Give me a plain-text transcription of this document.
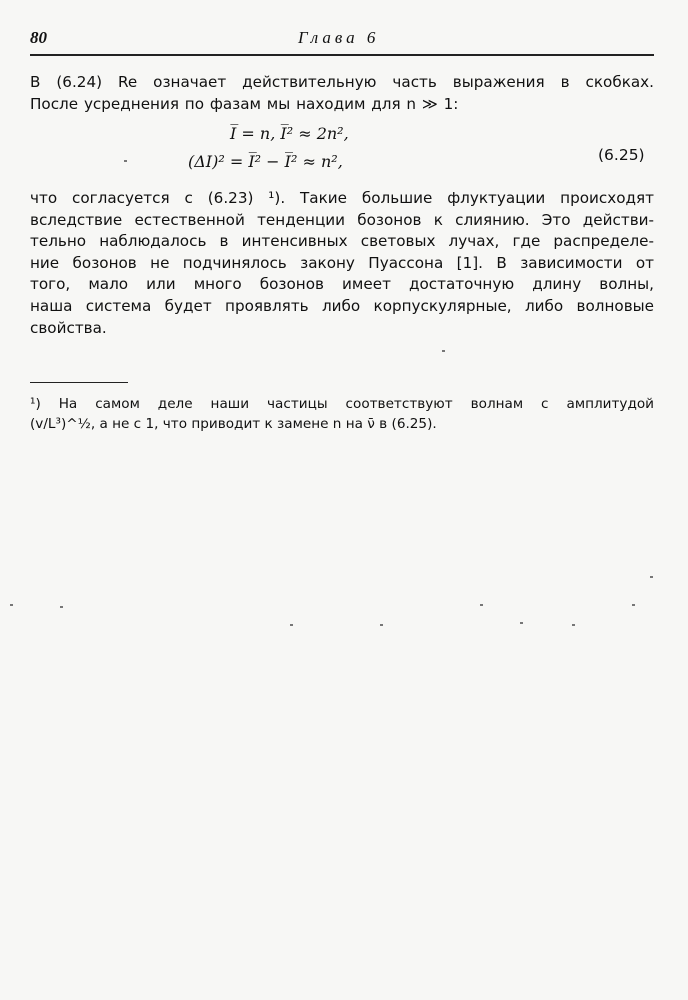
80	Глава 6
В (6.24) Re означает действительную часть выражения в скобках.
После усреднения по фазам мы находим для n ≫ 1:
I̅ = n, I̅² ≈ 2n²,
(ΔI)² = I̅² − I̅² ≈ n²,	(6.25)
что согласуется с (6.23) ¹). Такие большие флуктуации происходят
вследствие естественной тенденции бозонов к слиянию. Это действи-
тельно наблюдалось в интенсивных световых лучах, где распределе-
ние бозонов не подчинялось закону Пуассона [1]. В зависимости от
того, мало или много бозонов имеет достаточную длину волны,
наша система будет проявлять либо корпускулярные, либо волновые
свойства.
¹) На самом деле наши частицы соответствуют волнам с амплитудой
(v/L³)^½, а не с 1, что приводит к замене n на ν̄ в (6.25).
